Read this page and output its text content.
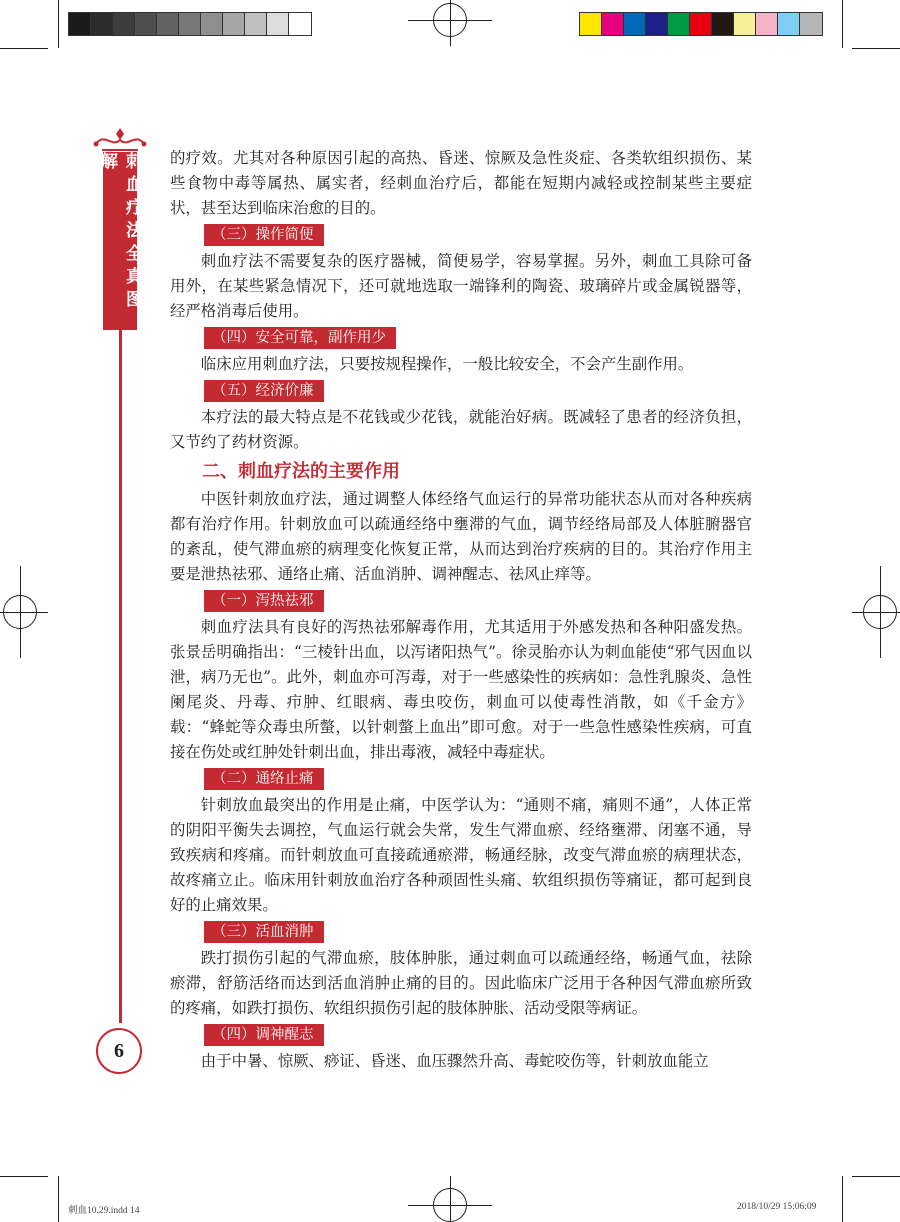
刺血疗法全真图解
6

的疗效。尤其对各种原因引起的高热、昏迷、惊厥及急性炎症、各类软组织损伤、某些食物中毒等属热、属实者，经刺血治疗后，都能在短期内减轻或控制某些主要症状，甚至达到临床治愈的目的。

（三）操作简便

刺血疗法不需要复杂的医疗器械，简便易学，容易掌握。另外，刺血工具除可备用外，在某些紧急情况下，还可就地选取一端锋利的陶瓷、玻璃碎片或金属锐器等，经严格消毒后使用。

（四）安全可靠，副作用少

临床应用刺血疗法，只要按规程操作，一般比较安全，不会产生副作用。

（五）经济价廉

本疗法的最大特点是不花钱或少花钱，就能治好病。既减轻了患者的经济负担，又节约了药材资源。

二、刺血疗法的主要作用

中医针刺放血疗法，通过调整人体经络气血运行的异常功能状态从而对各种疾病都有治疗作用。针刺放血可以疏通经络中壅滞的气血，调节经络局部及人体脏腑器官的紊乱，使气滞血瘀的病理变化恢复正常，从而达到治疗疾病的目的。其治疗作用主要是泄热祛邪、通络止痛、活血消肿、调神醒志、祛风止痒等。

（一）泻热祛邪

刺血疗法具有良好的泻热祛邪解毒作用，尤其适用于外感发热和各种阳盛发热。张景岳明确指出：“三棱针出血，以泻诸阳热气”。徐灵胎亦认为刺血能使“邪气因血以泄，病乃无也”。此外，刺血亦可泻毒，对于一些感染性的疾病如：急性乳腺炎、急性阑尾炎、丹毒、疖肿、红眼病、毒虫咬伤，刺血可以使毒性消散，如《千金方》载：“蜂蛇等众毒虫所螫，以针刺螫上血出”即可愈。对于一些急性感染性疾病，可直接在伤处或红肿处针刺出血，排出毒液，减轻中毒症状。

（二）通络止痛

针刺放血最突出的作用是止痛，中医学认为：“通则不痛，痛则不通”，人体正常的阴阳平衡失去调控，气血运行就会失常，发生气滞血瘀、经络壅滞、闭塞不通，导致疾病和疼痛。而针刺放血可直接疏通瘀滞，畅通经脉，改变气滞血瘀的病理状态，故疼痛立止。临床用针刺放血治疗各种顽固性头痛、软组织损伤等痛证，都可起到良好的止痛效果。

（三）活血消肿

跌打损伤引起的气滞血瘀，肢体肿胀，通过刺血可以疏通经络，畅通气血，祛除瘀滞，舒筋活络而达到活血消肿止痛的目的。因此临床广泛用于各种因气滞血瘀所致的疼痛，如跌打损伤、软组织损伤引起的肢体肿胀、活动受限等病证。

（四）调神醒志

由于中暑、惊厥、痧证、昏迷、血压骤然升高、毒蛇咬伤等，针刺放血能立

刺血10.29.indd 14	2018/10/29 15:06:09
